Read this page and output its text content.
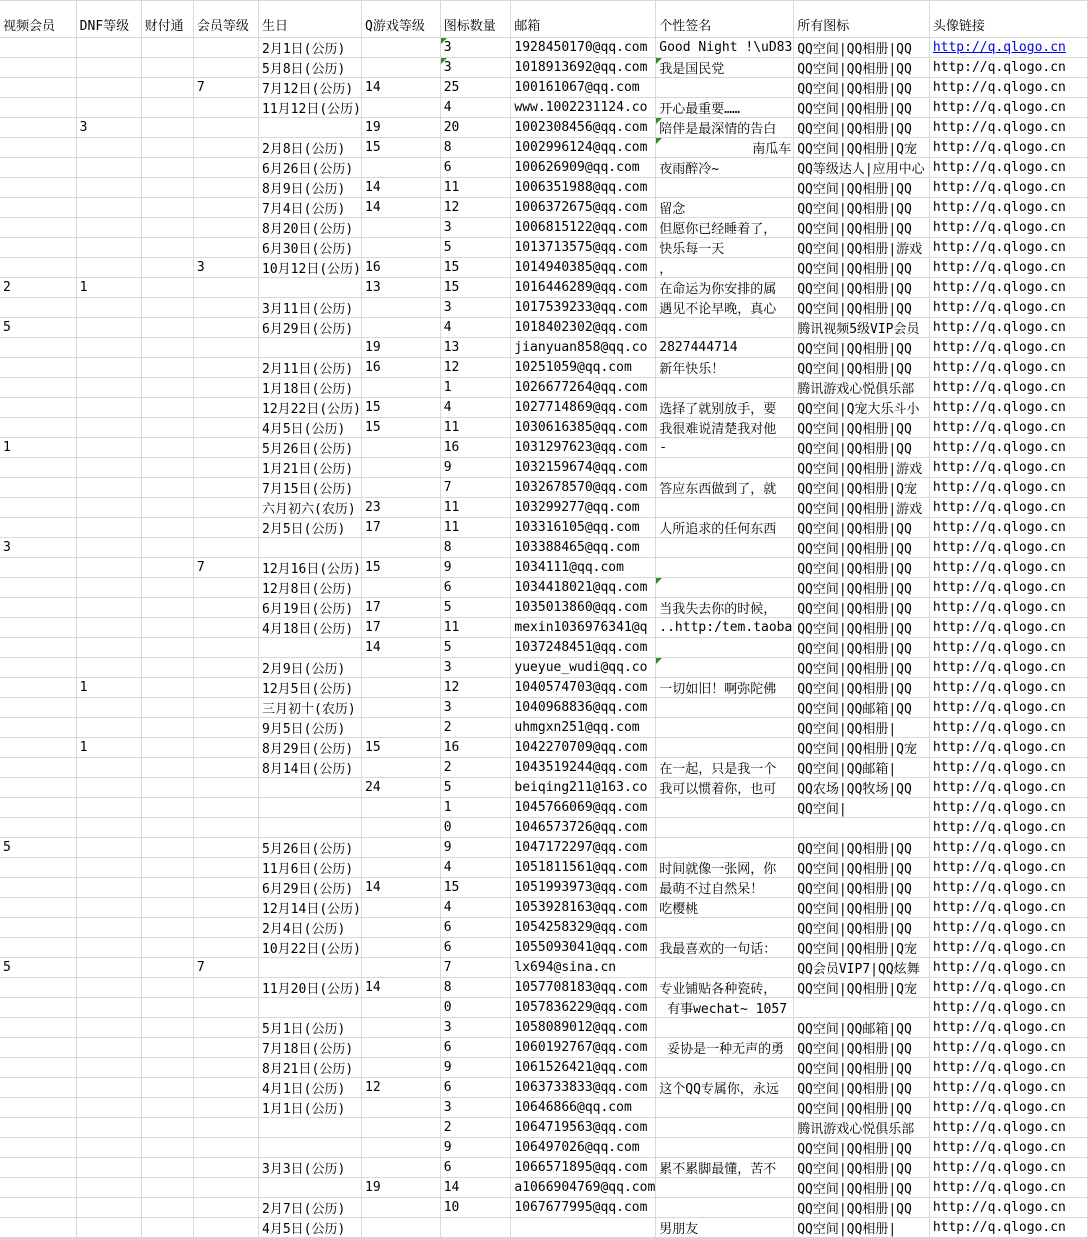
视频会员	DNF等级	财付通	会员等级	生日	Q游戏等级	图标数量	邮箱	个性签名	所有图标	头像链接
				2月1日(公历)		3	1928450170@qq.com	Good Night !\uD83	QQ空间|QQ相册|QQ	http://q.qlogo.cn
				5月8日(公历)		3	1018913692@qq.com	我是国民党	QQ空间|QQ相册|QQ	http://q.qlogo.cn
			7	7月12日(公历)	14	25	100161067@qq.com		QQ空间|QQ相册|QQ	http://q.qlogo.cn
				11月12日(公历)		4	www.1002231124.co	开心最重要……	QQ空间|QQ相册|QQ	http://q.qlogo.cn
	3				19	20	1002308456@qq.com	陪伴是最深情的告白	QQ空间|QQ相册|QQ	http://q.qlogo.cn
				2月8日(公历)	15	8	1002996124@qq.com	南瓜车	QQ空间|QQ相册|Q宠	http://q.qlogo.cn
				6月26日(公历)		6	100626909@qq.com	夜雨醉冷~	QQ等级达人|应用中心	http://q.qlogo.cn
				8月9日(公历)	14	11	1006351988@qq.com		QQ空间|QQ相册|QQ	http://q.qlogo.cn
				7月4日(公历)	14	12	1006372675@qq.com	留念	QQ空间|QQ相册|QQ	http://q.qlogo.cn
				8月20日(公历)		3	1006815122@qq.com	但愿你已经睡着了，	QQ空间|QQ相册|QQ	http://q.qlogo.cn
				6月30日(公历)		5	1013713575@qq.com	快乐每一天	QQ空间|QQ相册|游戏	http://q.qlogo.cn
			3	10月12日(公历)	16	15	1014940385@qq.com	，	QQ空间|QQ相册|QQ	http://q.qlogo.cn
2	1				13	15	1016446289@qq.com	在命运为你安排的属	QQ空间|QQ相册|QQ	http://q.qlogo.cn
				3月11日(公历)		3	1017539233@qq.com	遇见不论早晚，真心	QQ空间|QQ相册|QQ	http://q.qlogo.cn
5				6月29日(公历)		4	1018402302@qq.com		腾讯视频5级VIP会员	http://q.qlogo.cn
					19	13	jianyuan858@qq.co	2827444714	QQ空间|QQ相册|QQ	http://q.qlogo.cn
				2月11日(公历)	16	12	10251059@qq.com	新年快乐！	QQ空间|QQ相册|QQ	http://q.qlogo.cn
				1月18日(公历)		1	1026677264@qq.com		腾讯游戏心悦俱乐部	http://q.qlogo.cn
				12月22日(公历)	15	4	1027714869@qq.com	选择了就别放手，要	QQ空间|Q宠大乐斗小	http://q.qlogo.cn
				4月5日(公历)	15	11	1030616385@qq.com	我很难说清楚我对他	QQ空间|QQ相册|QQ	http://q.qlogo.cn
1				5月26日(公历)		16	1031297623@qq.com	-	QQ空间|QQ相册|QQ	http://q.qlogo.cn
				1月21日(公历)		9	1032159674@qq.com		QQ空间|QQ相册|游戏	http://q.qlogo.cn
				7月15日(公历)		7	1032678570@qq.com	答应东西做到了，就	QQ空间|QQ相册|Q宠	http://q.qlogo.cn
				六月初六(农历)	23	11	103299277@qq.com		QQ空间|QQ相册|游戏	http://q.qlogo.cn
				2月5日(公历)	17	11	103316105@qq.com	人所追求的任何东西	QQ空间|QQ相册|QQ	http://q.qlogo.cn
3						8	103388465@qq.com		QQ空间|QQ相册|QQ	http://q.qlogo.cn
			7	12月16日(公历)	15	9	1034111@qq.com		QQ空间|QQ相册|QQ	http://q.qlogo.cn
				12月8日(公历)		6	1034418021@qq.com		QQ空间|QQ相册|QQ	http://q.qlogo.cn
				6月19日(公历)	17	5	1035013860@qq.com	当我失去你的时候，	QQ空间|QQ相册|QQ	http://q.qlogo.cn
				4月18日(公历)	17	11	mexin1036976341@q	..http:/tem.taoba	QQ空间|QQ相册|QQ	http://q.qlogo.cn
					14	5	1037248451@qq.com		QQ空间|QQ相册|QQ	http://q.qlogo.cn
				2月9日(公历)		3	yueyue_wudi@qq.co		QQ空间|QQ相册|QQ	http://q.qlogo.cn
	1			12月5日(公历)		12	1040574703@qq.com	一切如旧！啊弥陀佛	QQ空间|QQ相册|QQ	http://q.qlogo.cn
				三月初十(农历)		3	1040968836@qq.com		QQ空间|QQ邮箱|QQ	http://q.qlogo.cn
				9月5日(公历)		2	uhmgxn251@qq.com		QQ空间|QQ相册|	http://q.qlogo.cn
	1			8月29日(公历)	15	16	1042270709@qq.com		QQ空间|QQ相册|Q宠	http://q.qlogo.cn
				8月14日(公历)		2	1043519244@qq.com	在一起，只是我一个	QQ空间|QQ邮箱|	http://q.qlogo.cn
					24	5	beiqing211@163.co	我可以惯着你，也可	QQ农场|QQ牧场|QQ	http://q.qlogo.cn
						1	1045766069@qq.com		QQ空间|	http://q.qlogo.cn
						0	1046573726@qq.com			http://q.qlogo.cn
5				5月26日(公历)		9	1047172297@qq.com		QQ空间|QQ相册|QQ	http://q.qlogo.cn
				11月6日(公历)		4	1051811561@qq.com	时间就像一张网，你	QQ空间|QQ相册|QQ	http://q.qlogo.cn
				6月29日(公历)	14	15	1051993973@qq.com	最萌不过自然呆！	QQ空间|QQ相册|QQ	http://q.qlogo.cn
				12月14日(公历)		4	1053928163@qq.com	吃樱桃	QQ空间|QQ相册|QQ	http://q.qlogo.cn
				2月4日(公历)		6	1054258329@qq.com		QQ空间|QQ相册|QQ	http://q.qlogo.cn
				10月22日(公历)		6	1055093041@qq.com	我最喜欢的一句话：	QQ空间|QQ相册|Q宠	http://q.qlogo.cn
5			7			7	lx694@sina.cn		QQ会员VIP7|QQ炫舞	http://q.qlogo.cn
				11月20日(公历)	14	8	1057708183@qq.com	专业铺贴各种瓷砖，	QQ空间|QQ相册|Q宠	http://q.qlogo.cn
						0	1057836229@qq.com	有事wechat~ 1057		http://q.qlogo.cn
				5月1日(公历)		3	1058089012@qq.com		QQ空间|QQ邮箱|QQ	http://q.qlogo.cn
				7月18日(公历)		6	1060192767@qq.com	妥协是一种无声的勇	QQ空间|QQ相册|QQ	http://q.qlogo.cn
				8月21日(公历)		9	1061526421@qq.com		QQ空间|QQ相册|QQ	http://q.qlogo.cn
				4月1日(公历)	12	6	1063733833@qq.com	这个QQ专属你，永远	QQ空间|QQ相册|QQ	http://q.qlogo.cn
				1月1日(公历)		3	10646866@qq.com		QQ空间|QQ相册|QQ	http://q.qlogo.cn
						2	1064719563@qq.com		腾讯游戏心悦俱乐部	http://q.qlogo.cn
						9	106497026@qq.com		QQ空间|QQ相册|QQ	http://q.qlogo.cn
				3月3日(公历)		6	1066571895@qq.com	累不累脚最懂，苦不	QQ空间|QQ相册|QQ	http://q.qlogo.cn
					19	14	a1066904769@qq.com		QQ空间|QQ相册|QQ	http://q.qlogo.cn
				2月7日(公历)		10	1067677995@qq.com		QQ空间|QQ相册|QQ	http://q.qlogo.cn
				4月5日(公历)				男朋友	QQ空间|QQ相册|	http://q.qlogo.cn
